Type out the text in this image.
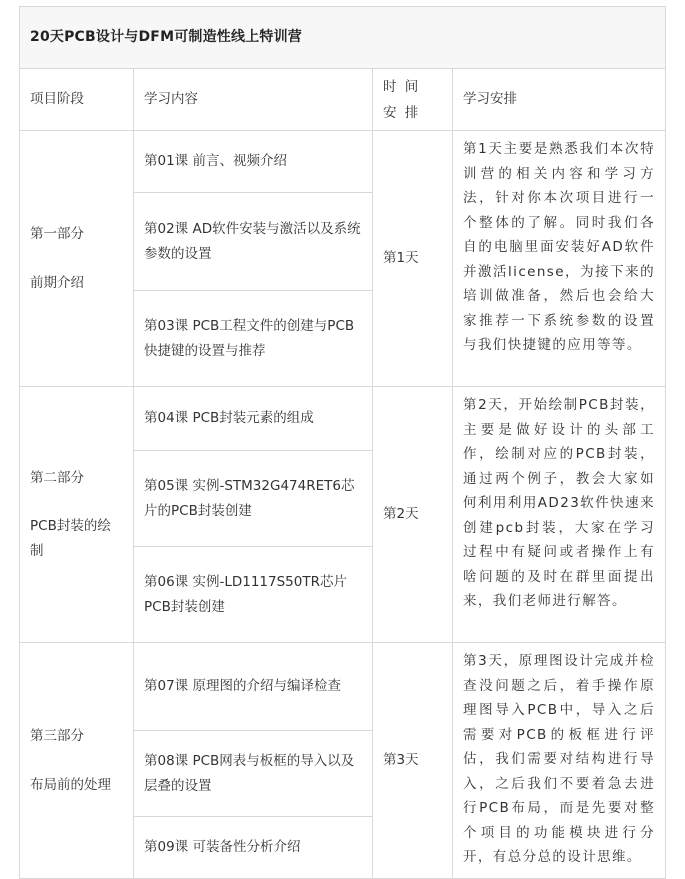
20天PCB设计与DFM可制造性线上特训营
项目阶段	学习内容
时 间 安 排
学习安排
第一部分
前期介绍
第01课 前言、视频介绍
第02课 AD软件安装与激活以及系统参数的设置
第03课 PCB工程文件的创建与PCB快捷键的设置与推荐
第1天
第1天主要是熟悉我们本次特训营的相关内容和学习方法，针对你本次项目进行一个整体的了解。同时我们各自的电脑里面安装好AD软件并激活license，为接下来的培训做准备，然后也会给大家推荐一下系统参数的设置与我们快捷键的应用等等。
第二部分
PCB封装的绘制
第04课 PCB封装元素的组成
第05课 实例-STM32G474RET6芯片的PCB封装创建
第06课 实例-LD1117S50TR芯片PCB封装创建
第2天
第2天，开始绘制PCB封装，主要是做好设计的头部工作，绘制对应的PCB封装，通过两个例子，教会大家如何利用利用AD23软件快速来创建pcb封装，大家在学习过程中有疑问或者操作上有啥问题的及时在群里面提出来，我们老师进行解答。
第三部分
布局前的处理
第07课 原理图的介绍与编译检查
第08课 PCB网表与板框的导入以及层叠的设置
第09课 可装备性分析介绍
第3天
第3天，原理图设计完成并检查没问题之后，着手操作原理图导入PCB中，导入之后需要对PCB的板框进行评估，我们需要对结构进行导入，之后我们不要着急去进行PCB布局，而是先要对整个项目的功能模块进行分开，有总分总的设计思维。
